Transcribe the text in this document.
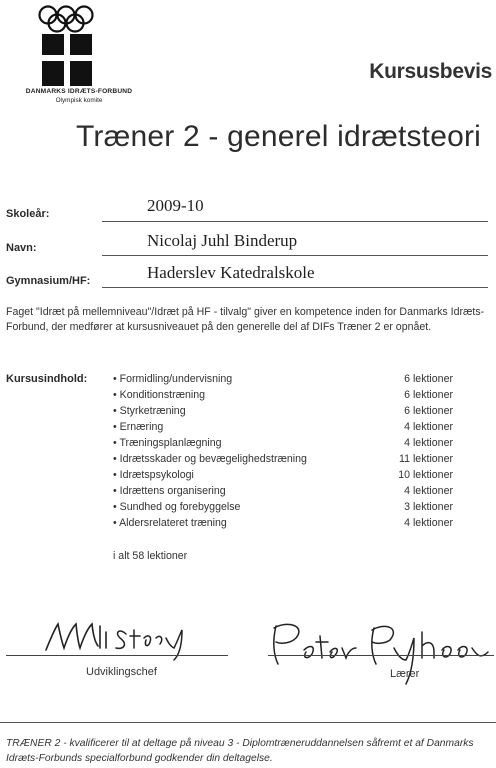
DANMARKS IDRÆTS-FORBUND
Olympisk komite
Kursusbevis
Træner 2 - generel idrætsteori
Skoleår:	2009-10
Navn:	Nicolaj Juhl Binderup
Gymnasium/HF:	Haderslev Katedralskole
Faget "Idræt på mellemniveau"/Idræt på HF - tilvalg" giver en kompetence inden for Danmarks Idræts-Forbund, der medfører at kursusniveauet på den generelle del af DIFs Træner 2 er opnået.
Kursusindhold: • Formidling/undervisning	6 lektioner
• Konditionstræning	6 lektioner
• Styrketræning	6 lektioner
• Ernæring	4 lektioner
• Træningsplanlægning	4 lektioner
• Idrætsskader og bevægelighedstræning	11 lektioner
• Idrætspsykologi	10 lektioner
• Idrættens organisering	4 lektioner
• Sundhed og forebyggelse	3 lektioner
• Aldersrelateret træning	4 lektioner
i alt 58 lektioner
Udviklingschef	Lærer
TRÆNER 2 - kvalificerer til at deltage på niveau 3 - Diplomtræneruddannelsen såfremt et af Danmarks Idræts-Forbunds specialforbund godkender din deltagelse.
